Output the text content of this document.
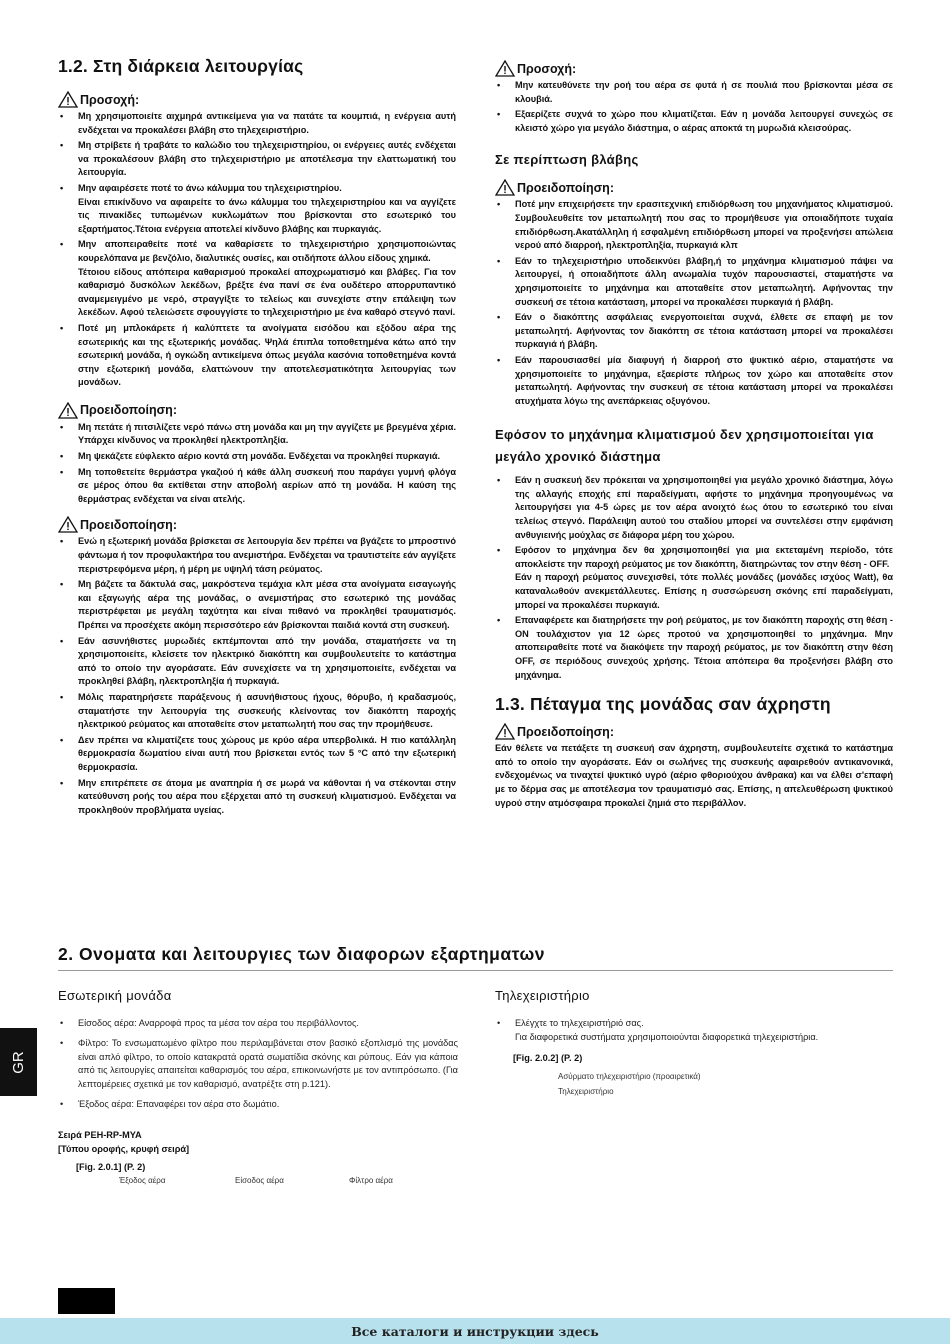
1.2. Στη διάρκεια λειτουργίας
Προσοχή:
• Μη χρησιμοποιείτε αιχμηρά αντικείμενα για να πατάτε τα κουμπιά, η ενέργεια αυτή ενδέχεται να προκαλέσει βλάβη στο τηλεχειριστήριο.
• Μη στρίβετε ή τραβάτε το καλώδιο του τηλεχειριστηρίου, οι ενέργειες αυτές ενδέχεται να προκαλέσουν βλάβη στο τηλεχειριστήριο με αποτέλεσμα την ελαττωματική του λειτουργία.
• Μην αφαιρέσετε ποτέ το άνω κάλυμμα του τηλεχειριστηρίου.
Είναι επικίνδυνο να αφαιρείτε το άνω κάλυμμα του τηλεχειριστηρίου και να αγγίζετε τις πινακίδες τυπωμένων κυκλωμάτων που βρίσκονται στο εσωτερικό του εξαρτήματος.Τέτοια ενέργεια αποτελεί κίνδυνο βλάβης και πυρκαγιάς.
• Μην αποπειραθείτε ποτέ να καθαρίσετε το τηλεχειριστήριο χρησιμοποιώντας κουρελόπανα με βενζόλιο, διαλυτικές ουσίες, και οτιδήποτε άλλου είδους χημικά.
Τέτοιου είδους απόπειρα καθαρισμού προκαλεί αποχρωματισμό και βλάβες. Για τον καθαρισμό δυσκόλων λεκέδων, βρέξτε ένα πανί σε ένα ουδέτερο απορρυπαντικό αναμεμειγμένο με νερό, στραγγίξτε το τελείως και συνεχίστε στην επάλειψη των λεκέδων. Αφού τελειώσετε σφουγγίστε το τηλεχειριστήριο με ένα καθαρό στεγνό πανί.
• Ποτέ μη μπλοκάρετε ή καλύπτετε τα ανοίγματα εισόδου και εξόδου αέρα της εσωτερικής και της εξωτερικής μονάδας. Ψηλά έπιπλα τοποθετημένα κάτω από την εσωτερική μονάδα, ή ογκώδη αντικείμενα όπως μεγάλα κασόνια τοποθετημένα κοντά στην εξωτερική μονάδα, ελαττώνουν την αποτελεσματικότητα λειτουργίας των μονάδων.
Προειδοποίηση:
• Μη πετάτε ή πιτσιλίζετε νερό πάνω στη μονάδα και μη την αγγίζετε με βρεγμένα χέρια. Υπάρχει κίνδυνος να προκληθεί ηλεκτροπληξία.
• Μη ψεκάζετε εύφλεκτο αέριο κοντά στη μονάδα. Ενδέχεται να προκληθεί πυρκαγιά.
• Μη τοποθετείτε θερμάστρα γκαζιού ή κάθε άλλη συσκευή που παράγει γυμνή φλόγα σε μέρος όπου θα εκτίθεται στην αποβολή αερίων από τη μονάδα. Η καύση της θερμάστρας ενδέχεται να είναι ατελής.
Προειδοποίηση:
• Ενώ η εξωτερική μονάδα βρίσκεται σε λειτουργία δεν πρέπει να βγάζετε το μπροστινό φάντωμα ή τον προφυλακτήρα του ανεμιστήρα. Ενδέχεται να τραυτιστείτε εάν αγγίξετε περιστρεφόμενα μέρη, ή μέρη με υψηλή τάση ρεύματος.
• Μη βάζετε τα δάκτυλά σας, μακρόστενα τεμάχια κλπ μέσα στα ανοίγματα εισαγωγής και εξαγωγής αέρα της μονάδας, ο ανεμιστήρας στο εσωτερικό της μονάδας περιστρέφεται με μεγάλη ταχύτητα και είναι πιθανό να προκληθεί τραυματισμός. Πρέπει να προσέχετε ακόμη περισσότερο εάν βρίσκονται παιδιά κοντά στη συσκευή.
• Εάν ασυνήθιστες μυρωδιές εκπέμπονται από την μονάδα, σταματήσετε να τη χρησιμοποιείτε, κλείσετε τον ηλεκτρικό διακόπτη και συμβουλευτείτε το κατάστημα από το οποίο την αγοράσατε. Εάν συνεχίσετε να τη χρησιμοποιείτε, ενδέχεται να προκληθεί βλάβη, ηλεκτροπληξία ή πυρκαγιά.
• Μόλις παρατηρήσετε παράξενους ή ασυνήθιστους ήχους, θόρυβο, ή κραδασμούς, σταματήστε την λειτουργία της συσκευής κλείνοντας τον διακόπτη παροχής ηλεκτρικού ρεύματος και αποταθείτε στον μεταπωλητή που σας την προμήθευσε.
• Δεν πρέπει να κλιματίζετε τους χώρους με κρύο αέρα υπερβολικά. Η πιο κατάλληλη θερμοκρασία δωματίου είναι αυτή που βρίσκεται εντός των 5 °C από την εξωτερική θερμοκρασία.
• Μην επιτρέπετε σε άτομα με αναπηρία ή σε μωρά να κάθονται ή να στέκονται στην κατεύθυνση ροής του αέρα που εξέρχεται από τη συσκευή κλιματισμού. Ενδέχεται να προκληθούν προβλήματα υγείας.
Προσοχή:
• Μην κατευθύνετε την ροή του αέρα σε φυτά ή σε πουλιά που βρίσκονται μέσα σε κλουβιά.
• Εξαερίζετε συχνά το χώρο που κλιματίζεται. Εάν η μονάδα λειτουργεί συνεχώς σε κλειστό χώρο για μεγάλο διάστημα, ο αέρας αποκτά τη μυρωδιά κλεισούρας.
Σε περίπτωση βλάβης
Προειδοποίηση:
• Ποτέ μην επιχειρήσετε την ερασιτεχνική επιδιόρθωση του μηχανήματος κλιματισμού. Συμβουλευθείτε τον μεταπωλητή που σας το προμήθευσε για οποιαδήποτε τυχαία επιδιόρθωση.Ακατάλληλη ή εσφαλμένη επιδιόρθωση μπορεί να προξενήσει απώλεια νερού από διαρροή, ηλεκτροπληξία, πυρκαγιά κλπ
• Εάν το τηλεχειριστήριο υποδεικνύει βλάβη,ή το μηχάνημα κλιματισμού πάψει να λειτουργεί, ή οποιαδήποτε άλλη ανωμαλία τυχόν παρουσιαστεί, σταματήστε να χρησιμοποιείτε το μηχάνημα και αποταθείτε στον μεταπωλητή. Αφήνοντας την συσκευή σε τέτοια κατάσταση, μπορεί να προκαλέσει πυρκαγιά ή βλάβη.
• Εάν ο διακόπτης ασφάλειας ενεργοποιείται συχνά, έλθετε σε επαφή με τον μεταπωλητή. Αφήνοντας τον διακόπτη σε τέτοια κατάσταση μπορεί να προκαλέσει πυρκαγιά ή βλάβη.
• Εάν παρουσιασθεί μία διαφυγή ή διαρροή στο ψυκτικό αέριο, σταματήστε να χρησιμοποιείτε το μηχάνημα, εξαερίστε πλήρως τον χώρο και αποταθείτε στον μεταπωλητή. Αφήνοντας την συσκευή σε τέτοια κατάσταση μπορεί να προκαλέσει ατυχήματα λόγω της ανεπάρκειας οξυγόνου.
Εφόσον το μηχάνημα κλιματισμού δεν χρησιμοποιείται για μεγάλο χρονικό διάστημα
• Εάν η συσκευή δεν πρόκειται να χρησιμοποιηθεί για μεγάλο χρονικό διάστημα, λόγω της αλλαγής εποχής επί παραδείγματι, αφήστε το μηχάνημα προηγουμένως να λειτουργήσει για 4-5 ώρες με τον αέρα ανοιχτό έως ότου το εσωτερικό του είναι τελείως στεγνό. Παράλειψη αυτού του σταδίου μπορεί να συντελέσει στην εμφάνιση ανθυγιεινής μούχλας σε διάφορα μέρη του χώρου.
• Εφόσον το μηχάνημα δεν θα χρησιμοποιηθεί για μια εκτεταμένη περίοδο, τότε αποκλείστε την παροχή ρεύματος με τον διακόπτη, διατηρώντας τον στην θέση - OFF.
Εάν η παροχή ρεύματος συνεχισθεί, τότε πολλές μονάδες (μονάδες ισχύος Watt), θα καταναλωθούν ανεκμετάλλευτες. Επίσης η συσσώρευση σκόνης επί παραδείγματι, μπορεί να προκαλέσει πυρκαγιά.
• Επαναφέρετε και διατηρήσετε την ροή ρεύματος, με τον διακόπτη παροχής στη θέση - ON τουλάχιστον για 12 ώρες προτού να χρησιμοποιηθεί το μηχάνημα. Μην αποπειραθείτε ποτέ να διακόψετε την παροχή ρεύματος, με τον διακόπτη στην θέση OFF, σε περιόδους συνεχούς χρήσης. Τέτοια απόπειρα θα προξενήσει βλάβη στο μηχάνημα.
1.3. Πέταγμα της μονάδας σαν άχρηστη
Προειδοποίηση:
Εάν θέλετε να πετάξετε τη συσκευή σαν άχρηστη, συμβουλευτείτε σχετικά το κατάστημα από το οποίο την αγοράσατε. Εάν οι σωλήνες της συσκευής αφαιρεθούν αντικανονικά, ενδεχομένως να τιναχτεί ψυκτικό υγρό (αέριο φθοριούχου άνθρακα) και να έλθει σ'επαφή με το δέρμα σας με αποτέλεσμα τον τραυματισμό σας. Επίσης, η απελευθέρωση ψυκτικού υγρού στην ατμόσφαιρα προκαλεί ζημιά στο περιβάλλον.
2. Ονοματα και λειτουργιες των διαφορων εξαρτηματων
Εσωτερική μονάδα
• Είσοδος αέρα: Αναρροφά προς τα μέσα τον αέρα του περιβάλλοντος.
• Φίλτρο: Το ενσωματωμένο φίλτρο που περιλαμβάνεται στον βασικό εξοπλισμό της μονάδας είναι απλό φίλτρο, το οποίο κατακρατά ορατά σωματίδια σκόνης και ρύπους. Εάν για κάποια από τις λειτουργίες απαιτείται καθαρισμός του αέρα, επικοινωνήστε με τον αντιπρόσωπο. (Για λεπτομέρειες σχετικά με τον καθαρισμό, ανατρέξτε στη p.121).
• Έξοδος αέρα: Επαναφέρει τον αέρα στο δωμάτιο.
Σειρά PEH-RP-MYA
[Τύπου οροφής, κρυφή σειρά]
[Fig. 2.0.1] (P. 2)
Έξοδος αέρα	Είσοδος αέρα	Φίλτρο αέρα
Τηλεχειριστήριο
• Ελέγχτε το τηλεχειριστήριό σας.
Για διαφορετικά συστήματα χρησιμοποιούνται διαφορετικά τηλεχειριστήρια.
[Fig. 2.0.2] (P. 2)
Ασύρματο τηλεχειριστήριο (προαιρετικά)
Τηλεχειριστήριο
GR
Все каталоги и инструкции здесь
